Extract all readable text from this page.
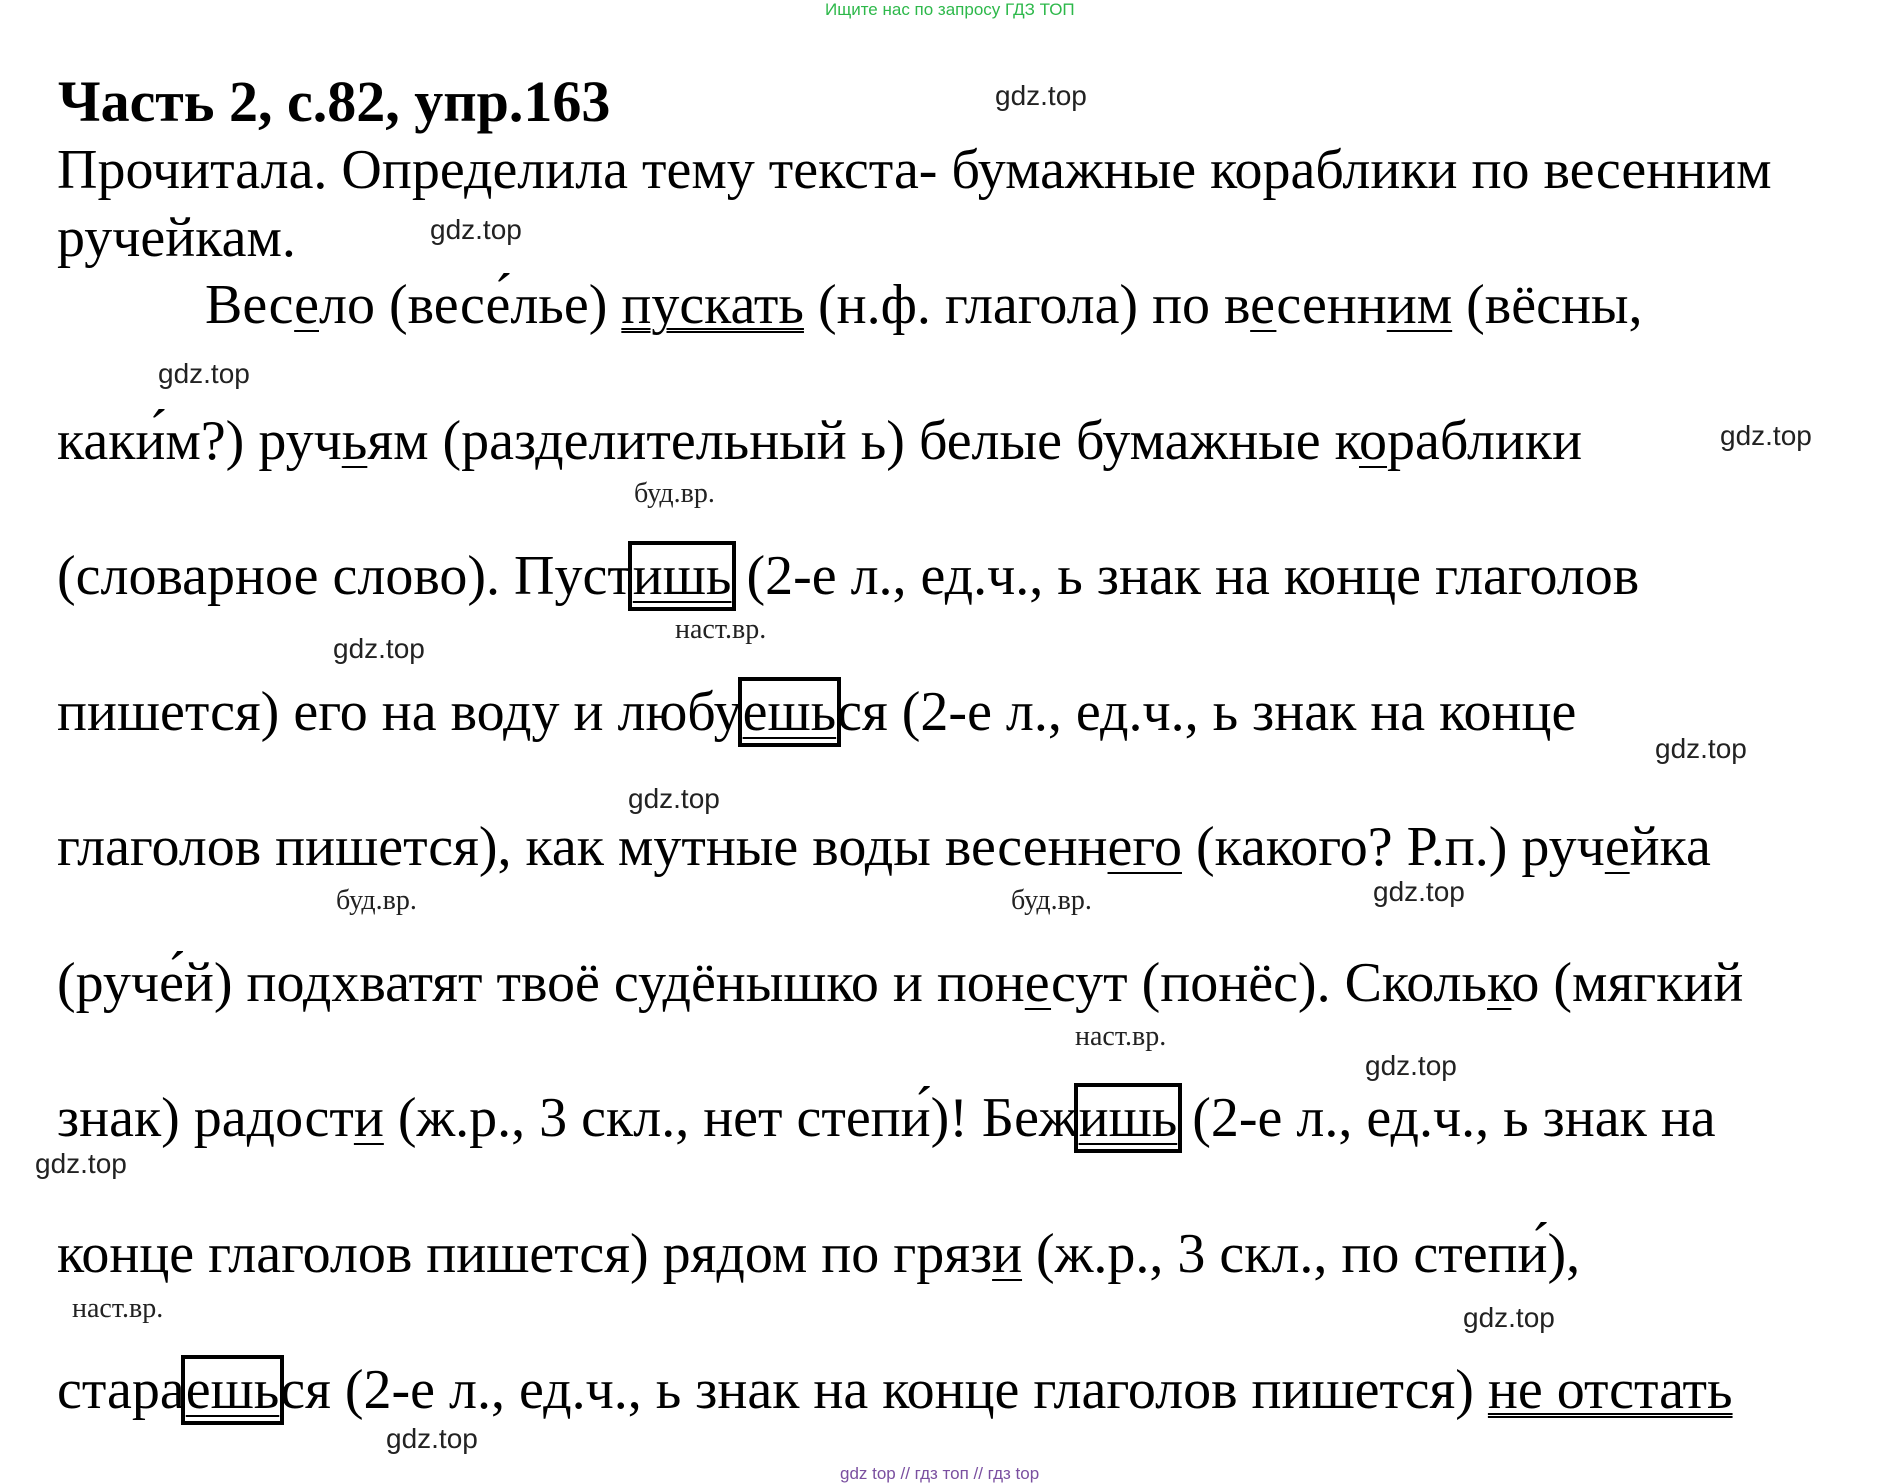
Ищите нас по запросу ГДЗ ТОП
Часть 2, с.82, упр.163
Прочитала. Определила тему текста- бумажные кораблики по весенним
ручейкам.
Весело (весе́лье) пускать (н.ф. глагола) по весенним (вёсны,
каки́м?) ручьям (разделительный ь) белые бумажные кораблики
(словарное слово). Пустишь (2-е л., ед.ч., ь знак на конце глаголов
пишется) его на воду и любуешься (2-е л., ед.ч., ь знак на конце
глаголов пишется), как мутные воды весеннего (какого? Р.п.) ручейка
(руче́й) подхватят твоё судёнышко и понесут (понёс). Сколько (мягкий
знак) радости (ж.р., 3 скл., нет степи́)! Бежишь (2-е л., ед.ч., ь знак на
конце глаголов пишется) рядом по грязи (ж.р., 3 скл., по степи́),
стараешься (2-е л., ед.ч., ь знак на конце глаголов пишется) не отстать
буд.вр.
наст.вр.
буд.вр.	буд.вр.
наст.вр.
наст.вр.
gdz.top
gdz.top
gdz.top
gdz.top
gdz.top
gdz.top
gdz.top
gdz.top
gdz.top
gdz.top
gdz.top
gdz.top
gdz top // гдз топ // гдз top
